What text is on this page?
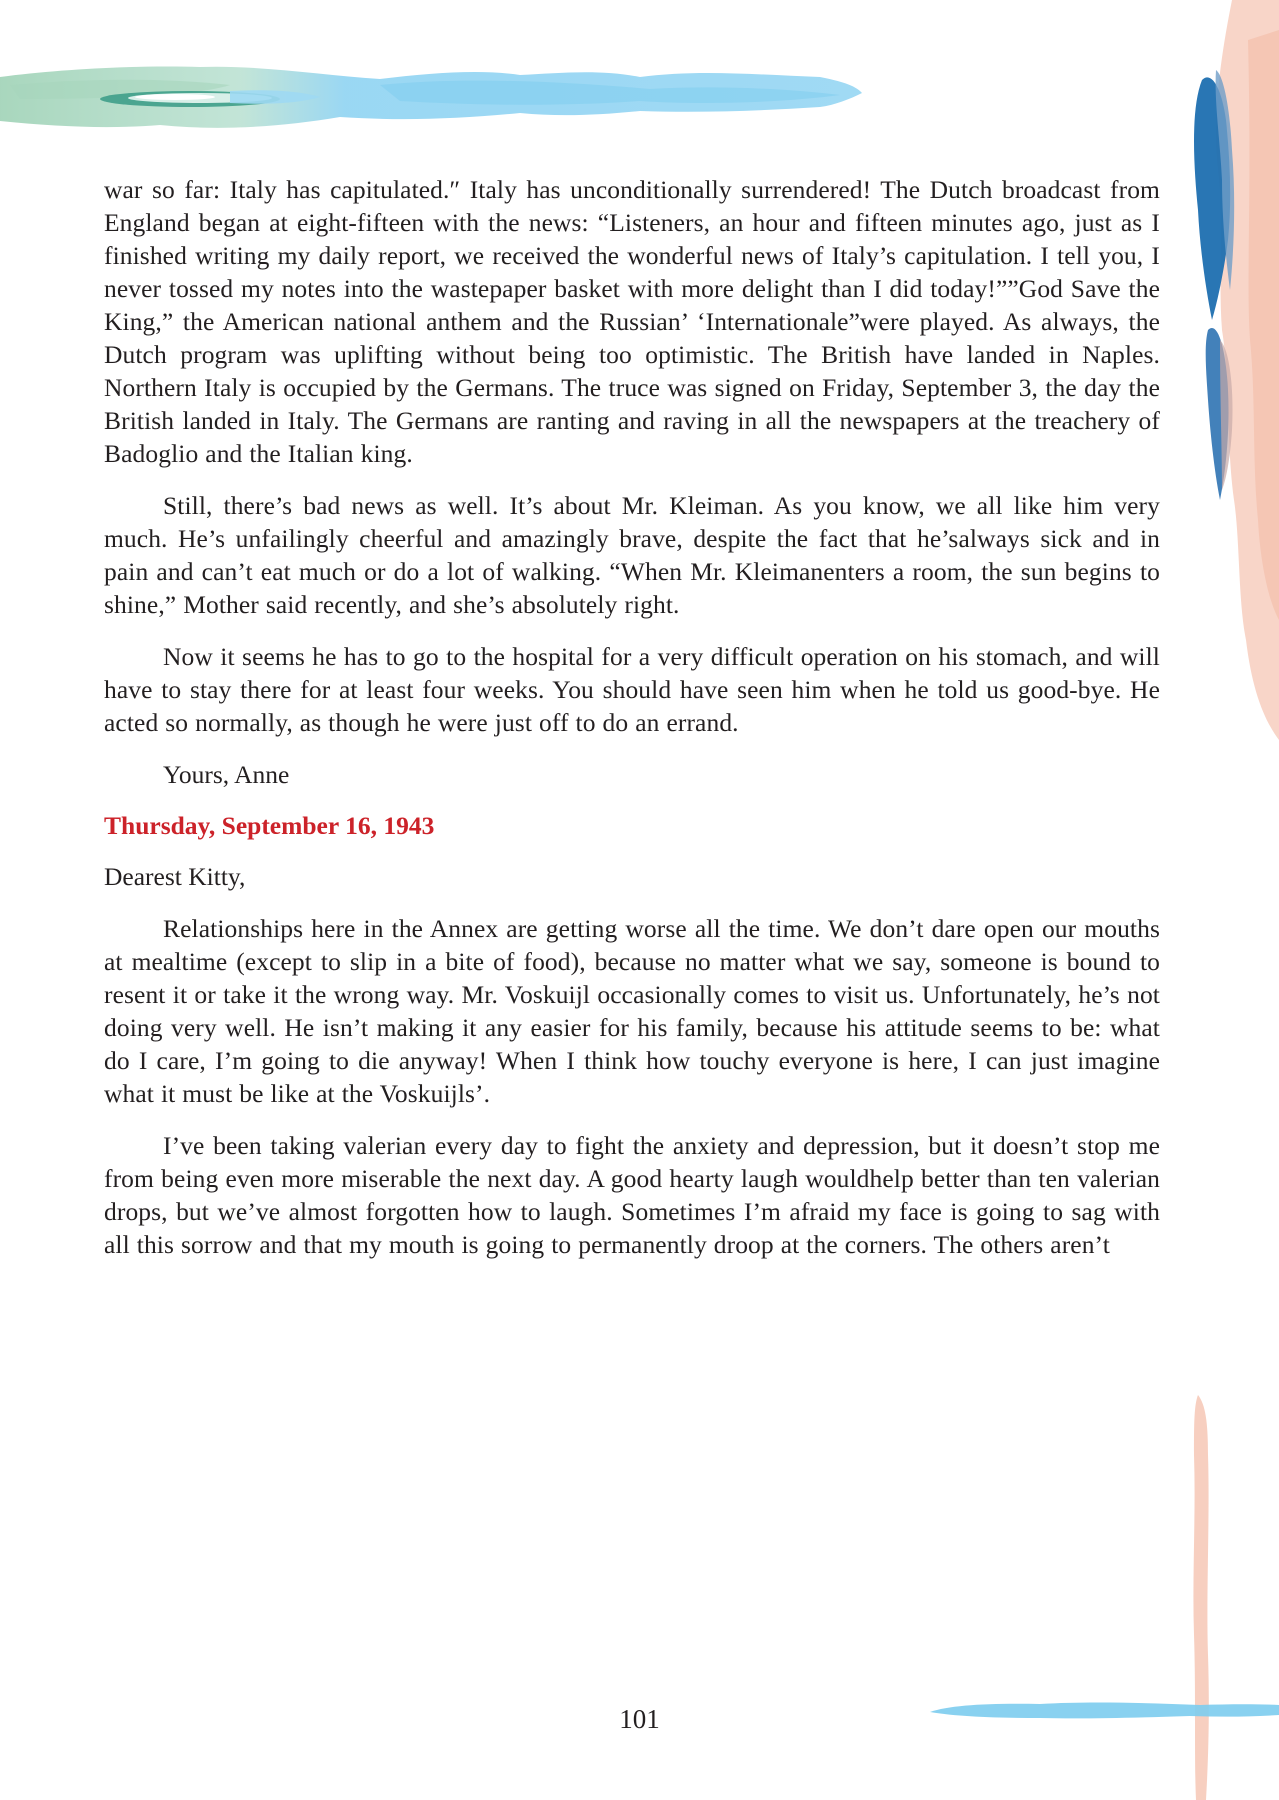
war so far: Italy has capitulated.″ Italy has unconditionally surrendered! The Dutch broadcast from England began at eight-fifteen with the news: “Listeners, an hour and fifteen minutes ago, just as I finished writing my daily report, we received the wonderful news of Italy’s capitulation. I tell you, I never tossed my notes into the wastepaper basket with more delight than I did today!””God Save the King,” the American national anthem and the Russian’ ‘Internationale”were played. As always, the Dutch program was uplifting without being too optimistic. The British have landed in Naples. Northern Italy is occupied by the Germans. The truce was signed on Friday, September 3, the day the British landed in Italy. The Germans are ranting and raving in all the newspapers at the treachery of Badoglio and the Italian king.

Still, there’s bad news as well. It’s about Mr. Kleiman. As you know, we all like him very much. He’s unfailingly cheerful and amazingly brave, despite the fact that he’salways sick and in pain and can’t eat much or do a lot of walking. “When Mr. Kleimanenters a room, the sun begins to shine,” Mother said recently, and she’s absolutely right.

Now it seems he has to go to the hospital for a very difficult operation on his stomach, and will have to stay there for at least four weeks. You should have seen him when he told us good-bye. He acted so normally, as though he were just off to do an errand.

Yours, Anne

Thursday, September 16, 1943

Dearest Kitty,

Relationships here in the Annex are getting worse all the time. We don’t dare open our mouths at mealtime (except to slip in a bite of food), because no matter what we say, someone is bound to resent it or take it the wrong way. Mr. Voskuijl occasionally comes to visit us. Unfortunately, he’s not doing very well. He isn’t making it any easier for his family, because his attitude seems to be: what do I care, I’m going to die anyway! When I think how touchy everyone is here, I can just imagine what it must be like at the Voskuijls’.

I’ve been taking valerian every day to fight the anxiety and depression, but it doesn’t stop me from being even more miserable the next day. A good hearty laugh wouldhelp better than ten valerian drops, but we’ve almost forgotten how to laugh. Sometimes I’m afraid my face is going to sag with all this sorrow and that my mouth is going to permanently droop at the corners. The others aren’t

101
